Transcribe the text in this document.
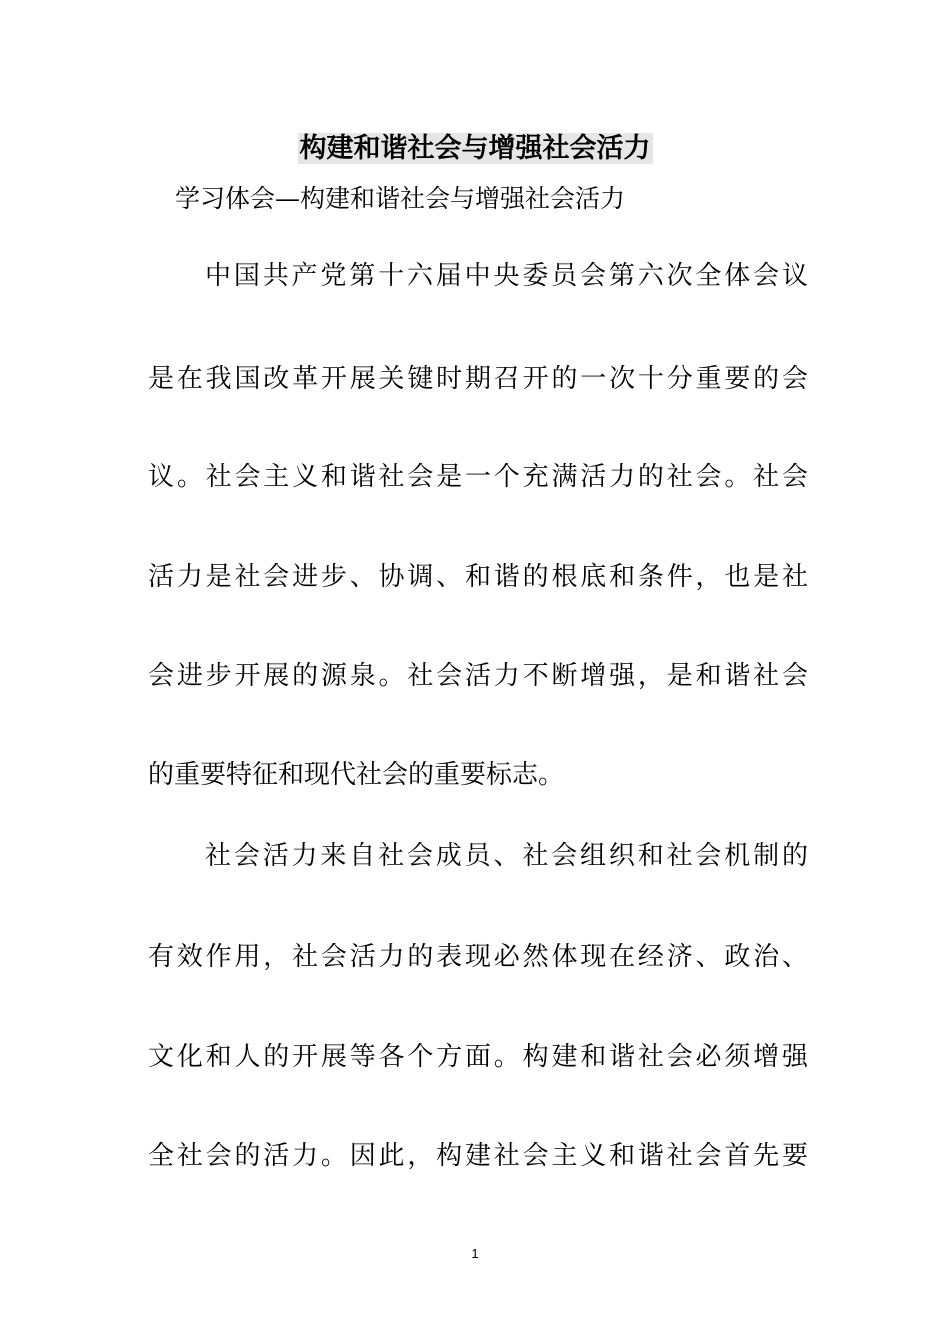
构建和谐社会与增强社会活力
学习体会—构建和谐社会与增强社会活力
中国共产党第十六届中央委员会第六次全体会议
是在我国改革开展关键时期召开的一次十分重要的会
议。社会主义和谐社会是一个充满活力的社会。社会
活力是社会进步、协调、和谐的根底和条件，也是社
会进步开展的源泉。社会活力不断增强，是和谐社会
的重要特征和现代社会的重要标志。
社会活力来自社会成员、社会组织和社会机制的
有效作用，社会活力的表现必然体现在经济、政治、
文化和人的开展等各个方面。构建和谐社会必须增强
全社会的活力。因此，构建社会主义和谐社会首先要
1
